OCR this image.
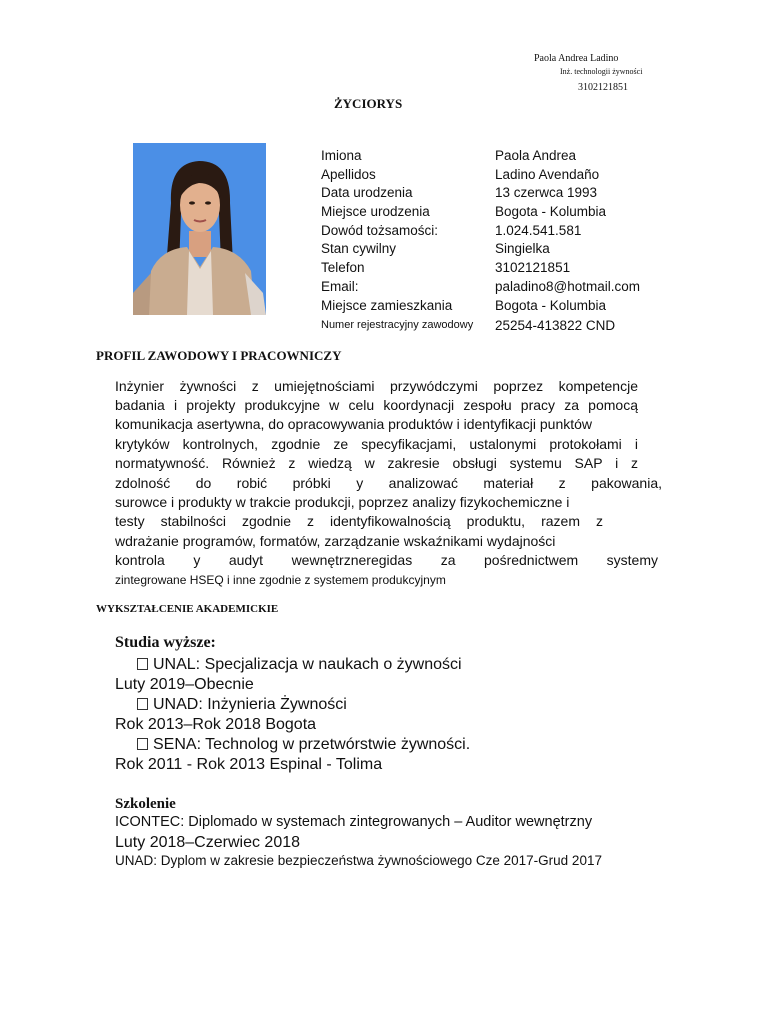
Paola Andrea Ladino
Inż. technologii żywności
3102121851
ŻYCIORYS
Imiona	Paola Andrea
Apellidos	Ladino Avendaño
Data urodzenia	13 czerwca 1993
Miejsce urodzenia	Bogota - Kolumbia
Dowód tożsamości:	1.024.541.581
Stan cywilny	Singielka
Telefon	3102121851
Email:	paladino8@hotmail.com
Miejsce zamieszkania	Bogota - Kolumbia
Numer rejestracyjny zawodowy 25254-413822 CND
PROFIL ZAWODOWY I PRACOWNICZY
Inżynier żywności z umiejętnościami przywódczymi poprzez kompetencje
badania i projekty produkcyjne w celu koordynacji zespołu pracy za pomocą
komunikacja asertywna, do opracowywania produktów i identyfikacji punktów
krytyków kontrolnych, zgodnie ze specyfikacjami, ustalonymi protokołami i
normatywność. Również z wiedzą w zakresie obsługi systemu SAP i z
zdolność do robić próbki y analizować materiał z pakowania,
surowce i produkty w trakcie produkcji, poprzez analizy fizykochemiczne i
testy stabilności zgodnie z identyfikowalnością produktu, razem z
wdrażanie programów, formatów, zarządzanie wskaźnikami wydajności
kontrola y audyt wewnętrzneregidas za pośrednictwem systemy
zintegrowane HSEQ i inne zgodnie z systemem produkcyjnym
WYKSZTAŁCENIE AKADEMICKIE
Studia wyższe:
UNAL: Specjalizacja w naukach o żywności
Luty 2019–Obecnie
UNAD: Inżynieria Żywności
Rok 2013–Rok 2018 Bogota
SENA: Technolog w przetwórstwie żywności.
Rok 2011 - Rok 2013 Espinal - Tolima
Szkolenie
ICONTEC: Diplomado w systemach zintegrowanych – Auditor wewnętrzny
Luty 2018–Czerwiec 2018
UNAD: Dyplom w zakresie bezpieczeństwa żywnościowego Cze 2017-Grud 2017
